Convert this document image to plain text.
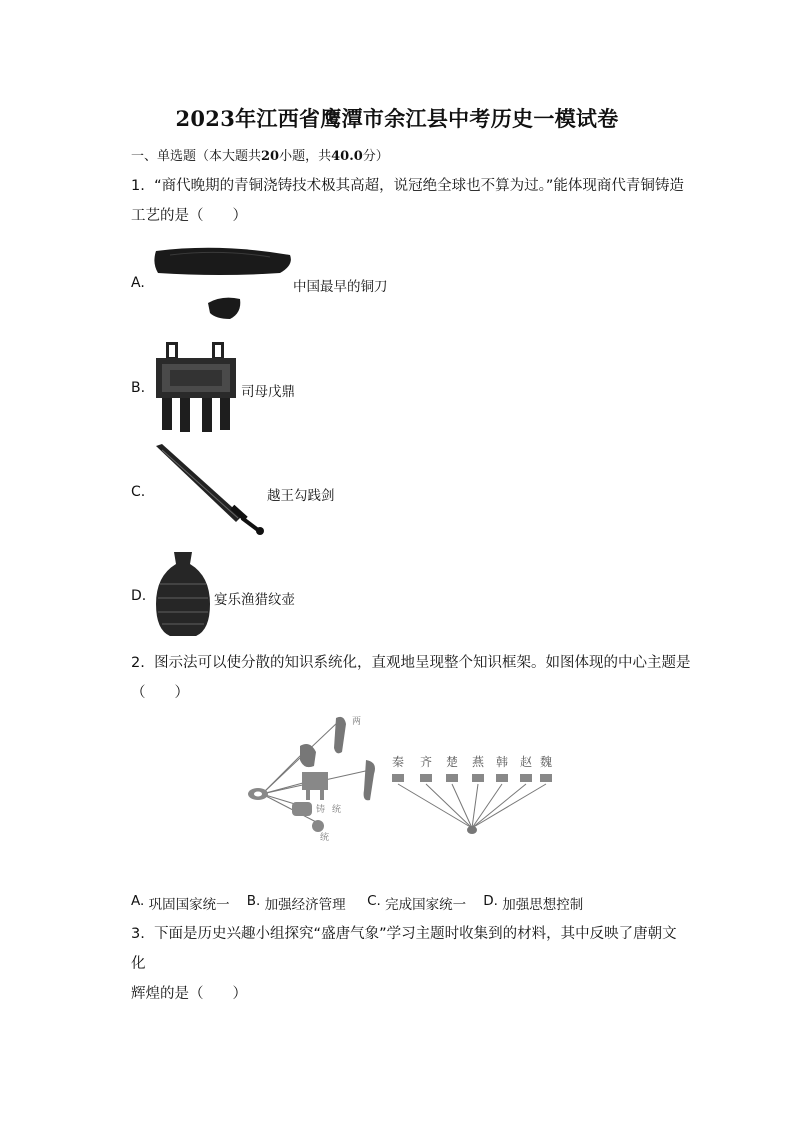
2023年江西省鹰潭市余江县中考历史一模试卷
一、单选题（本大题共20小题，共40.0分）
1. “商代晚期的青铜浇铸技术极其高超，说冠绝全球也不算为过。”能体现商代青铜铸造
工艺的是（　　）
A.	中国最早的铜刀
B.	司母戊鼎
C.	越王勾践剑
D.	宴乐渔猎纹壶
2. 图示法可以使分散的知识系统化，直观地呈现整个知识框架。如图体现的中心主题是
（　　）
两
统
铸
统
秦 齐 楚 燕 韩 赵 魏
A.
巩固国家统一
B.
加强经济管理
C.
完成国家统一
D.
加强思想控制
3. 下面是历史兴趣小组探究“盛唐气象”学习主题时收集到的材料，其中反映了唐朝文化
辉煌的是（　　）
